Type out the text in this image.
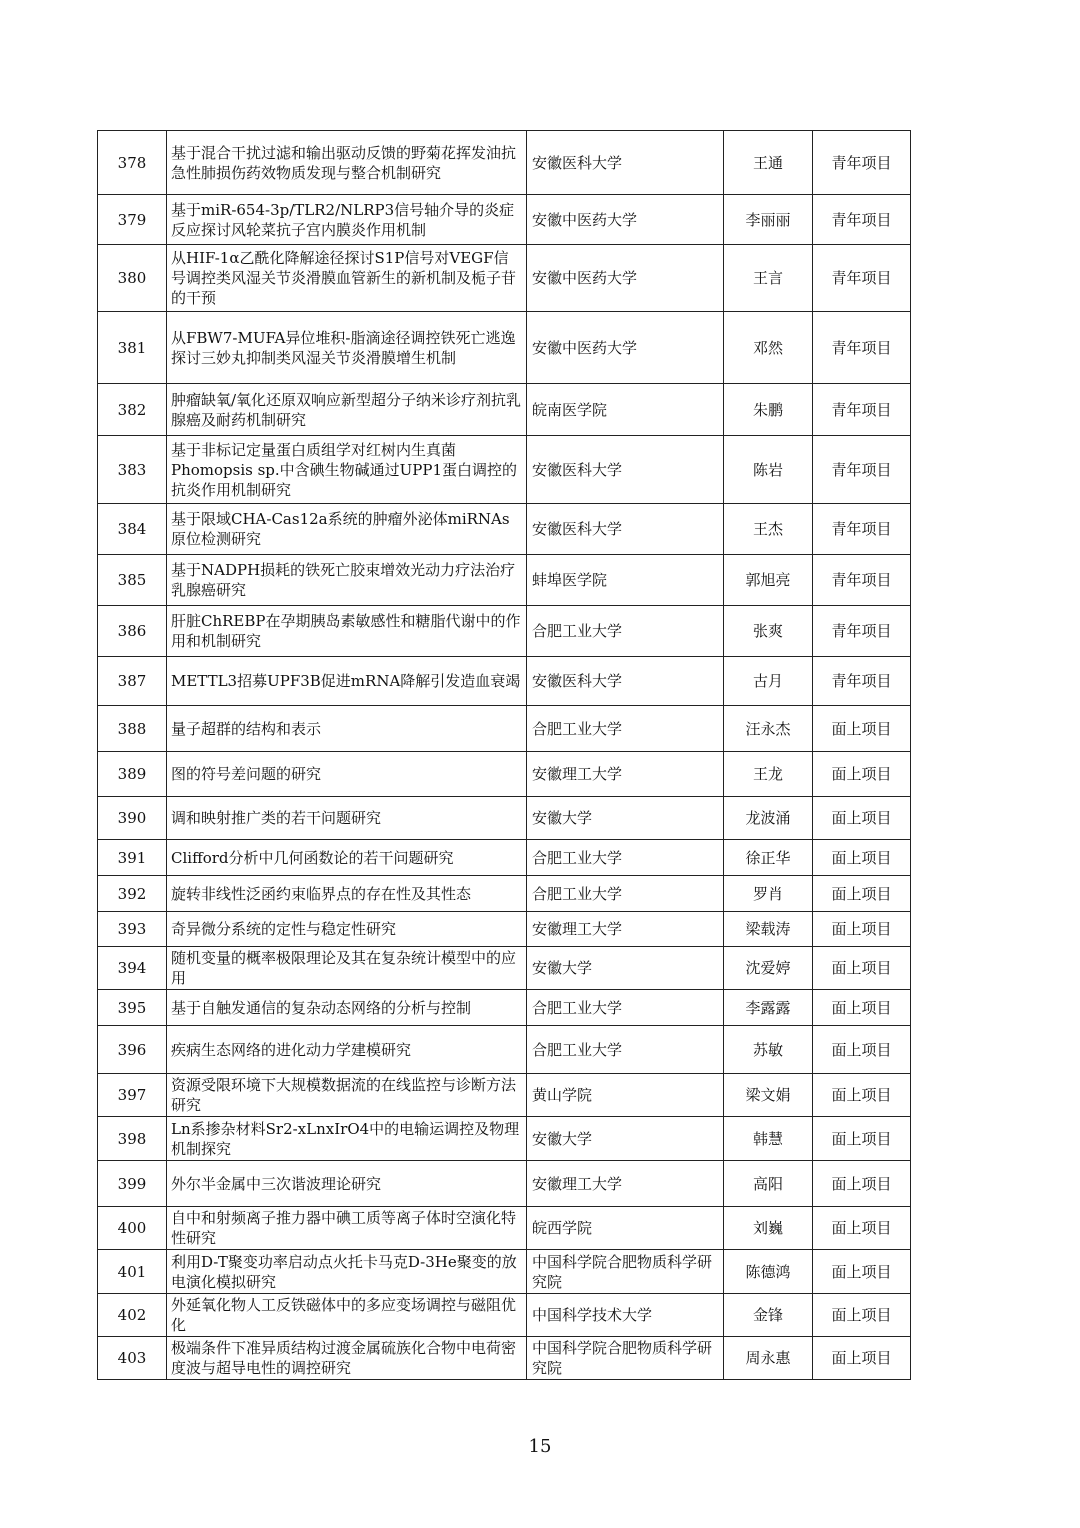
378	基于混合干扰过滤和输出驱动反馈的野菊花挥发油抗急性肺损伤药效物质发现与整合机制研究	安徽医科大学	王通	青年项目
379	基于miR-654-3p/TLR2/NLRP3信号轴介导的炎症反应探讨风轮菜抗子宫内膜炎作用机制	安徽中医药大学	李丽丽	青年项目
380	从HIF-1α乙酰化降解途径探讨S1P信号对VEGF信号调控类风湿关节炎滑膜血管新生的新机制及栀子苷的干预	安徽中医药大学	王言	青年项目
381	从FBW7-MUFA异位堆积-脂滴途径调控铁死亡逃逸探讨三妙丸抑制类风湿关节炎滑膜增生机制	安徽中医药大学	邓然	青年项目
382	肿瘤缺氧/氧化还原双响应新型超分子纳米诊疗剂抗乳腺癌及耐药机制研究	皖南医学院	朱鹏	青年项目
383	基于非标记定量蛋白质组学对红树内生真菌Phomopsis sp.中含碘生物碱通过UPP1蛋白调控的抗炎作用机制研究	安徽医科大学	陈岩	青年项目
384	基于限域CHA-Cas12a系统的肿瘤外泌体miRNAs原位检测研究	安徽医科大学	王杰	青年项目
385	基于NADPH损耗的铁死亡胶束增效光动力疗法治疗乳腺癌研究	蚌埠医学院	郭旭亮	青年项目
386	肝脏ChREBP在孕期胰岛素敏感性和糖脂代谢中的作用和机制研究	合肥工业大学	张爽	青年项目
387	METTL3招募UPF3B促进mRNA降解引发造血衰竭	安徽医科大学	古月	青年项目
388	量子超群的结构和表示	合肥工业大学	汪永杰	面上项目
389	图的符号差问题的研究	安徽理工大学	王龙	面上项目
390	调和映射推广类的若干问题研究	安徽大学	龙波涌	面上项目
391	Clifford分析中几何函数论的若干问题研究	合肥工业大学	徐正华	面上项目
392	旋转非线性泛函约束临界点的存在性及其性态	合肥工业大学	罗肖	面上项目
393	奇异微分系统的定性与稳定性研究	安徽理工大学	梁载涛	面上项目
394	随机变量的概率极限理论及其在复杂统计模型中的应用	安徽大学	沈爱婷	面上项目
395	基于自触发通信的复杂动态网络的分析与控制	合肥工业大学	李露露	面上项目
396	疾病生态网络的进化动力学建模研究	合肥工业大学	苏敏	面上项目
397	资源受限环境下大规模数据流的在线监控与诊断方法研究	黄山学院	梁文娟	面上项目
398	Ln系掺杂材料Sr2-xLnxIrO4中的电输运调控及物理机制探究	安徽大学	韩慧	面上项目
399	外尔半金属中三次谐波理论研究	安徽理工大学	高阳	面上项目
400	自中和射频离子推力器中碘工质等离子体时空演化特性研究	皖西学院	刘巍	面上项目
401	利用D-T聚变功率启动点火托卡马克D-3He聚变的放电演化模拟研究	中国科学院合肥物质科学研究院	陈德鸿	面上项目
402	外延氧化物人工反铁磁体中的多应变场调控与磁阻优化	中国科学技术大学	金锋	面上项目
403	极端条件下准异质结构过渡金属硫族化合物中电荷密度波与超导电性的调控研究	中国科学院合肥物质科学研究院	周永惠	面上项目
15
